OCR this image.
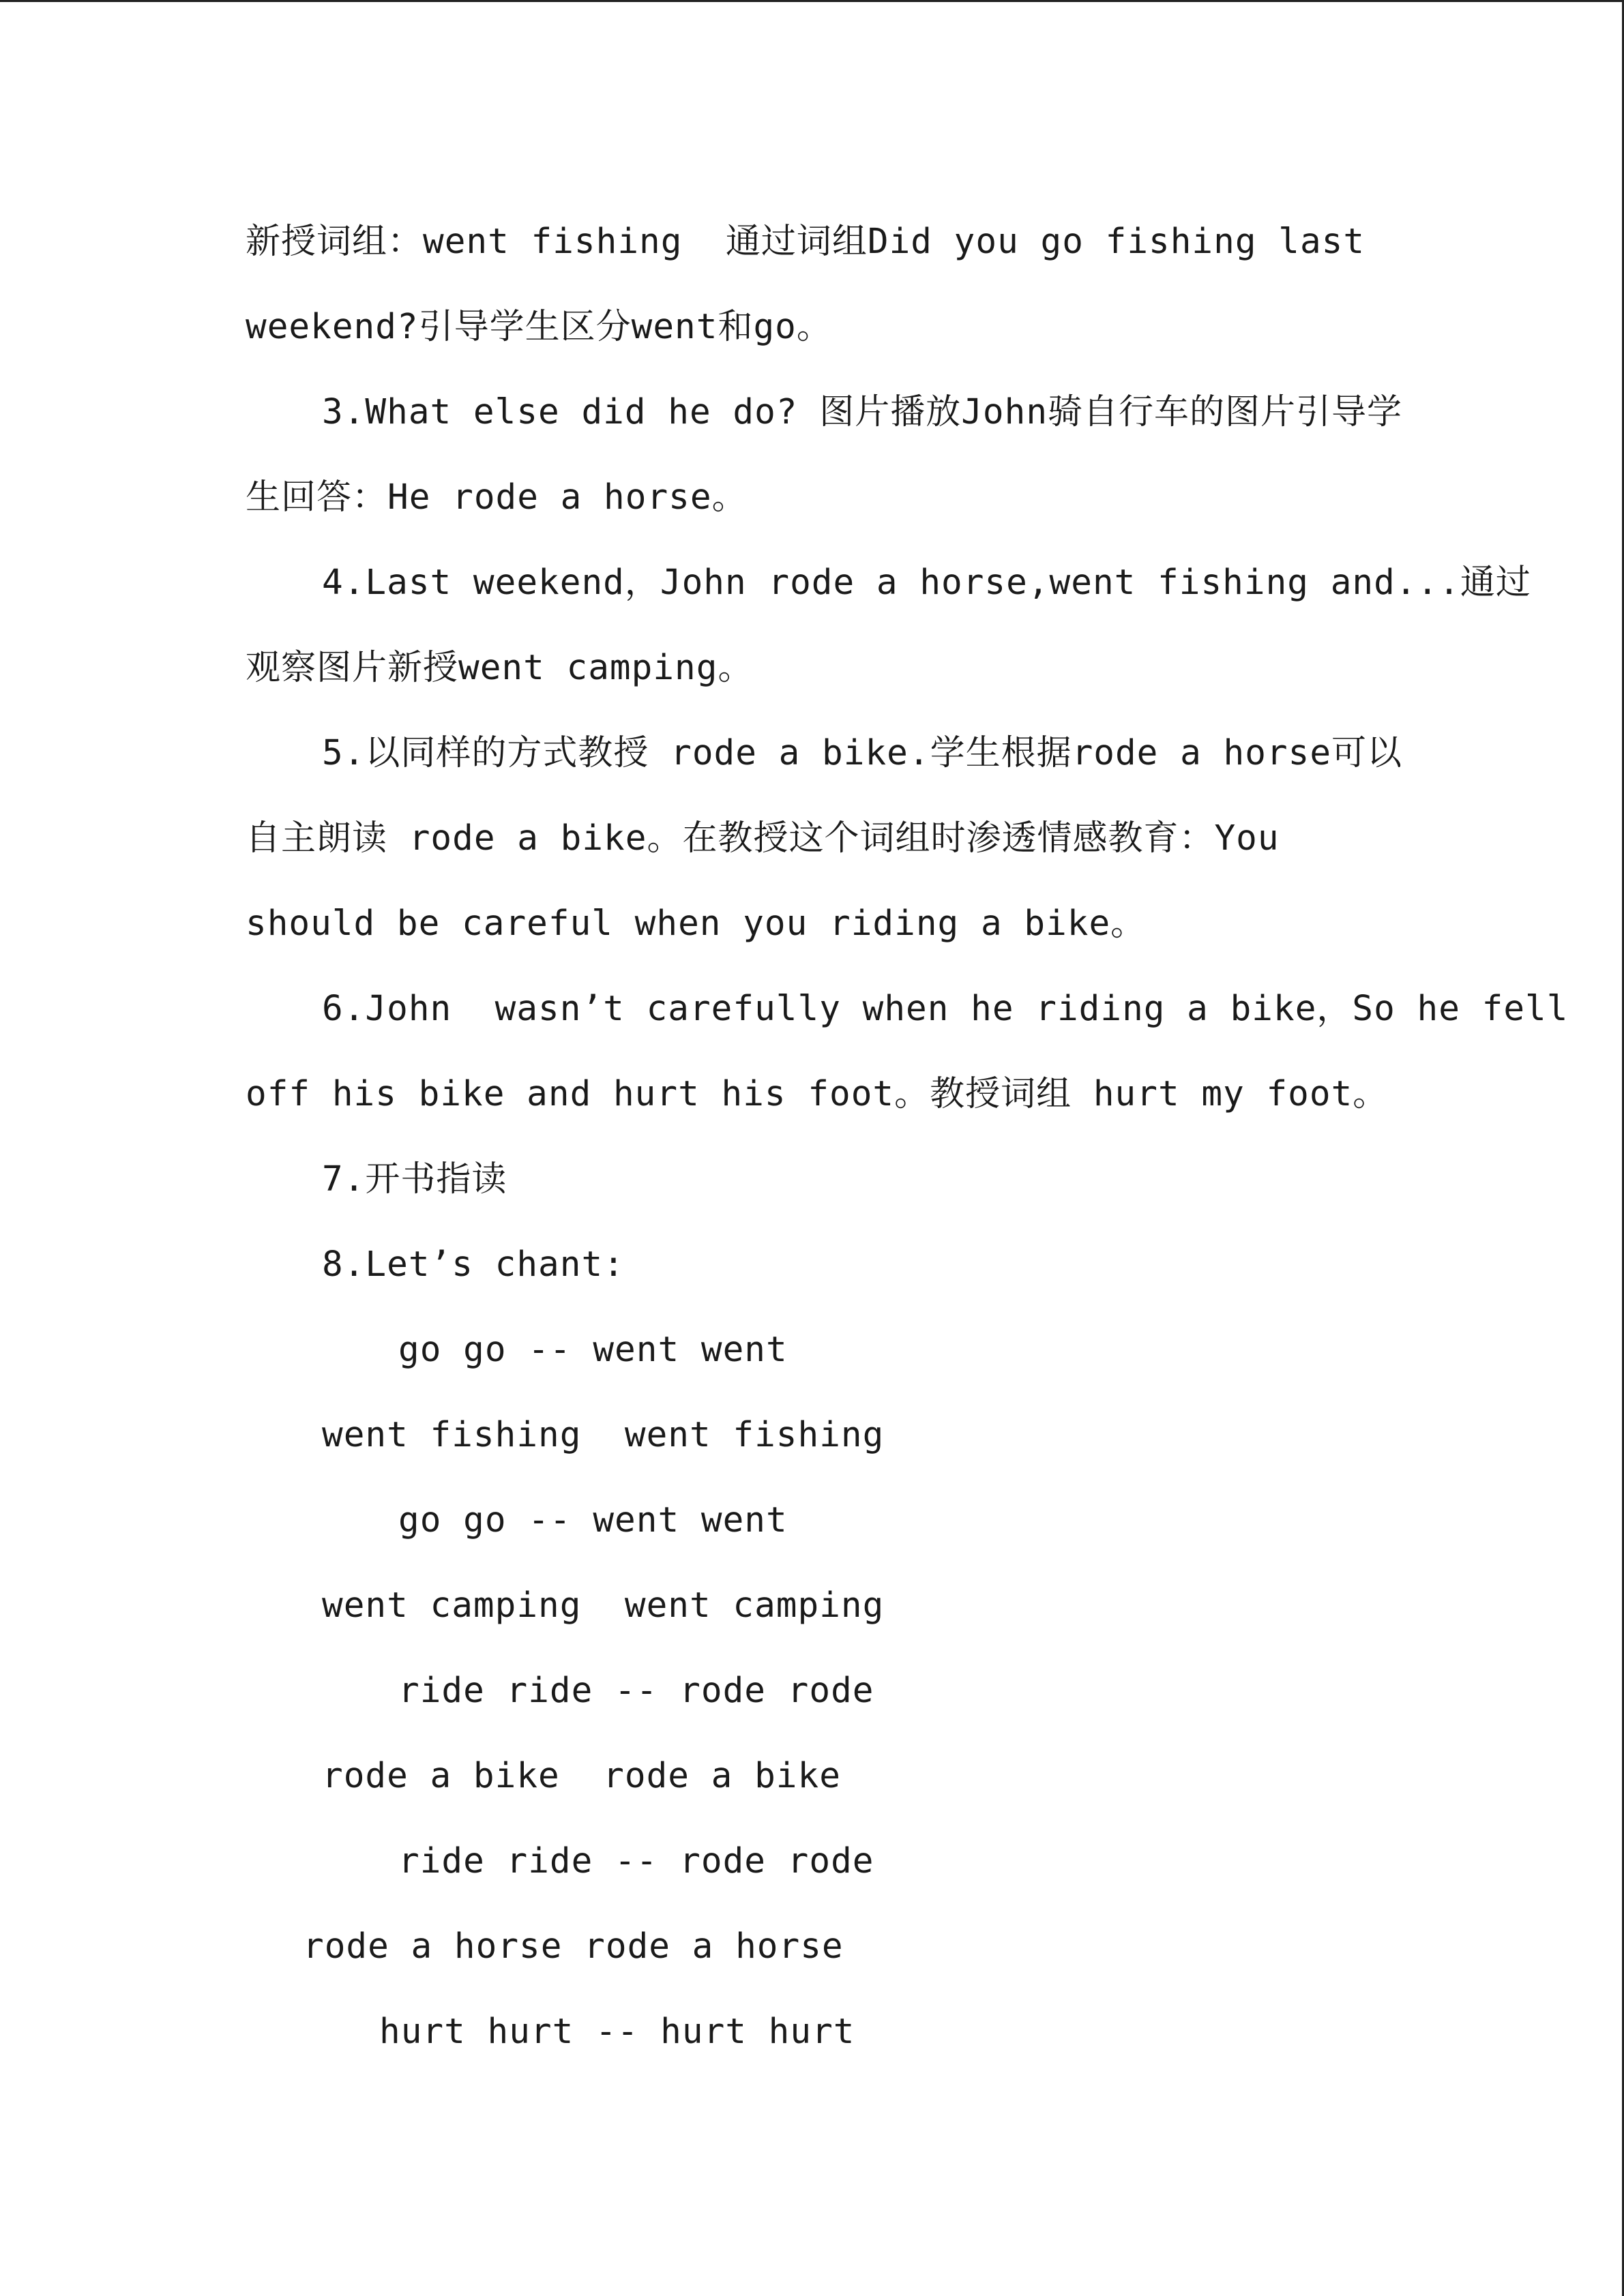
新授词组：went fishing  通过词组Did you go fishing last
weekend?引导学生区分went和go。
3.What else did he do? 图片播放John骑自行车的图片引导学
生回答：He rode a horse。
4.Last weekend，John rode a horse,went fishing and...通过
观察图片新授went camping。
5.以同样的方式教授 rode a bike.学生根据rode a horse可以
自主朗读 rode a bike。在教授这个词组时渗透情感教育：You
should be careful when you riding a bike。
6.John  wasn’t carefully when he riding a bike，So he fell
off his bike and hurt his foot。教授词组 hurt my foot。
7.开书指读
8.Let’s chant:
go go -- went went
went fishing  went fishing
go go -- went went
went camping  went camping
ride ride -- rode rode
rode a bike  rode a bike
ride ride -- rode rode
rode a horse rode a horse
hurt hurt -- hurt hurt
